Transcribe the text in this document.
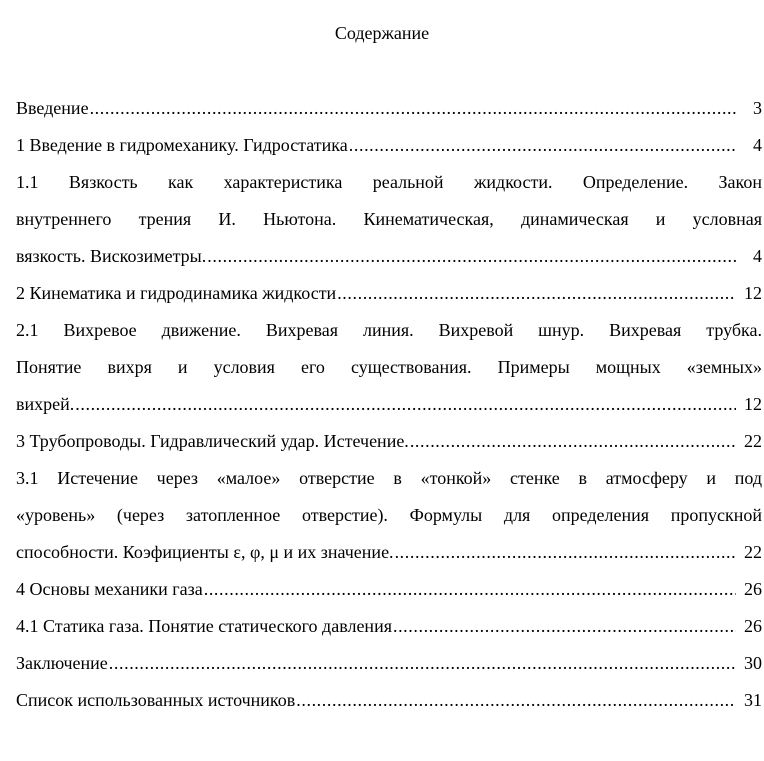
Содержание
Введение .....	3
1 Введение в гидромеханику. Гидростатика .....	4
1.1 Вязкость как характеристика реальной жидкости. Определение. Закон
внутреннего трения И. Ньютона. Кинематическая, динамическая и условная
вязкость. Вискозиметры. .....	4
2 Кинематика и гидродинамика жидкости .....	12
2.1 Вихревое движение. Вихревая линия. Вихревой шнур. Вихревая трубка.
Понятие вихря и условия его существования. Примеры мощных «земных»
вихрей. .....	12
3 Трубопроводы. Гидравлический удар. Истечение. .....	22
3.1 Истечение через «малое» отверстие в «тонкой» стенке в атмосферу и под
«уровень» (через затопленное отверстие). Формулы для определения пропускной
способности. Коэфициенты ε, φ, μ и их значение. .....	22
4 Основы механики газа .....	26
4.1 Статика газа. Понятие статического давления .....	26
Заключение .....	30
Список использованных источников .....	31
